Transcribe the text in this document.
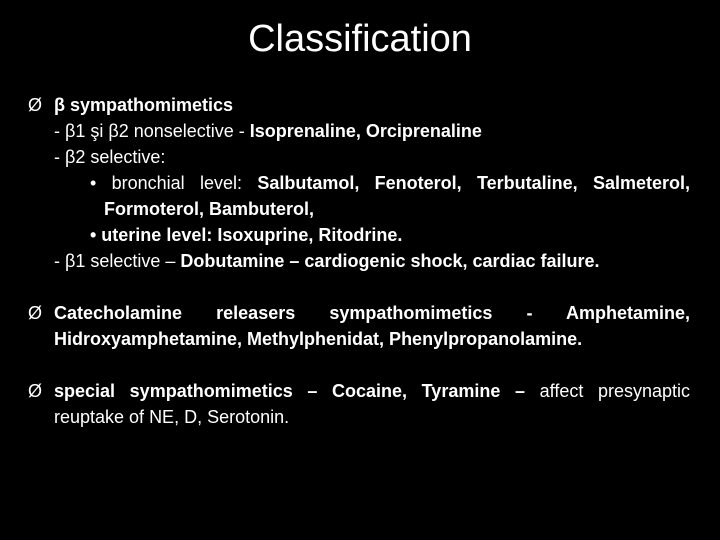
Classification
Ø β sympathomimetics
- β1 şi β2 nonselective - Isoprenaline, Orciprenaline
- β2 selective:
• bronchial level: Salbutamol, Fenoterol, Terbutaline, Salmeterol, Formoterol, Bambuterol,
• uterine level: Isoxuprine, Ritodrine.
- β1 selective – Dobutamine – cardiogenic shock, cardiac failure.
Ø Catecholamine releasers sympathomimetics - Amphetamine, Hidroxyamphetamine, Methylphenidat, Phenylpropanolamine.
Ø special sympathomimetics – Cocaine, Tyramine – affect presynaptic reuptake of NE, D, Serotonin.
